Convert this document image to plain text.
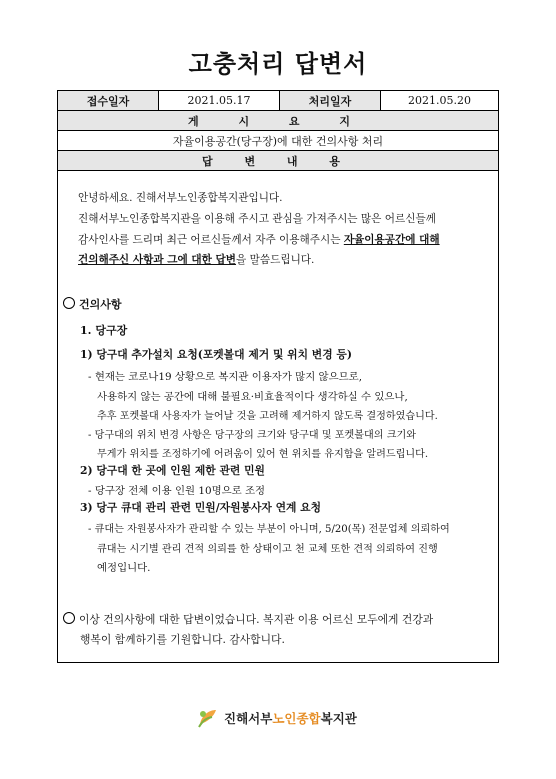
고충처리 답변서
접수일자	2021.05.17	처리일자	2021.05.20
게 시 요 지
자율이용공간(당구장)에 대한 건의사항 처리
답 변 내 용

안녕하세요. 진해서부노인종합복지관입니다.

진해서부노인종합복지관을 이용해 주시고 관심을 가져주시는 많은 어르신들께

감사인사를 드리며 최근 어르신들께서 자주 이용해주시는 자율이용공간에 대해

건의해주신 사항과 그에 대한 답변을 말씀드립니다.

건의사항
1. 당구장
1) 당구대 추가설치 요청(포켓볼대 제거 및 위치 변경 등)
- 현재는 코로나19 상황으로 복지관 이용자가 많지 않으므로,
사용하지 않는 공간에 대해 불필요·비효율적이다 생각하실 수 있으나,
추후 포켓볼대 사용자가 늘어날 것을 고려해 제거하지 않도록 결정하였습니다.
- 당구대의 위치 변경 사항은 당구장의 크기와 당구대 및 포켓볼대의 크기와
무게가 위치를 조정하기에 어려움이 있어 현 위치를 유지함을 알려드립니다.
2) 당구대 한 곳에 인원 제한 관련 민원
- 당구장 전체 이용 인원 10명으로 조정
3) 당구 큐대 관리 관련 민원/자원봉사자 연계 요청
- 큐대는 자원봉사자가 관리할 수 있는 부분이 아니며, 5/20(목) 전문업체 의뢰하여
큐대는 시기별 관리 견적 의뢰를 한 상태이고 천 교체 또한 견적 의뢰하여 진행
예정입니다.
이상 건의사항에 대한 답변이었습니다. 복지관 이용 어르신 모두에게 건강과
행복이 함께하기를 기원합니다. 감사합니다.
진해서부노인종합복지관
